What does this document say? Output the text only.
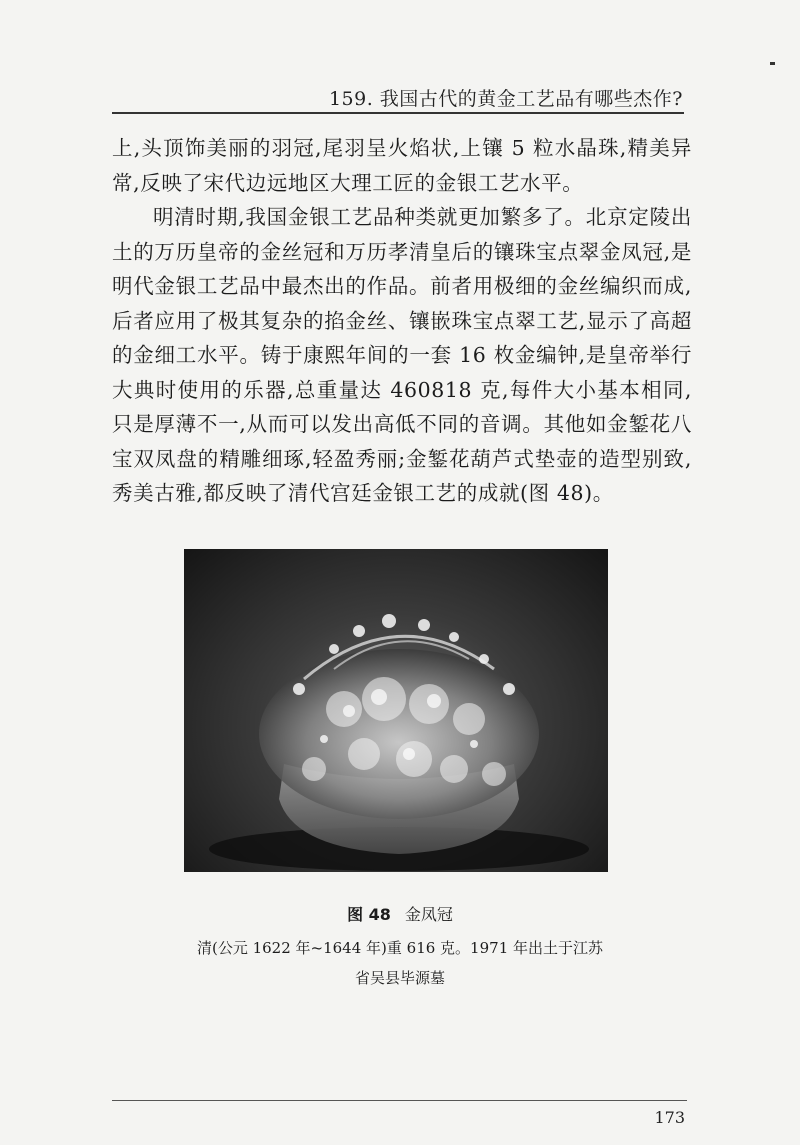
159. 我国古代的黄金工艺品有哪些杰作?

上,头顶饰美丽的羽冠,尾羽呈火焰状,上镶 5 粒水晶珠,精美异常,反映了宋代边远地区大理工匠的金银工艺水平。

明清时期,我国金银工艺品种类就更加繁多了。北京定陵出土的万历皇帝的金丝冠和万历孝清皇后的镶珠宝点翠金凤冠,是明代金银工艺品中最杰出的作品。前者用极细的金丝编织而成,后者应用了极其复杂的掐金丝、镶嵌珠宝点翠工艺,显示了高超的金细工水平。铸于康熙年间的一套 16 枚金编钟,是皇帝举行大典时使用的乐器,总重量达 460818 克,每件大小基本相同,只是厚薄不一,从而可以发出高低不同的音调。其他如金錾花八宝双凤盘的精雕细琢,轻盈秀丽;金錾花葫芦式垫壶的造型别致,秀美古雅,都反映了清代宫廷金银工艺的成就(图 48)。

图 48 金凤冠
清(公元 1622 年~1644 年)重 616 克。1971 年出土于江苏
省吴县毕源墓
173
